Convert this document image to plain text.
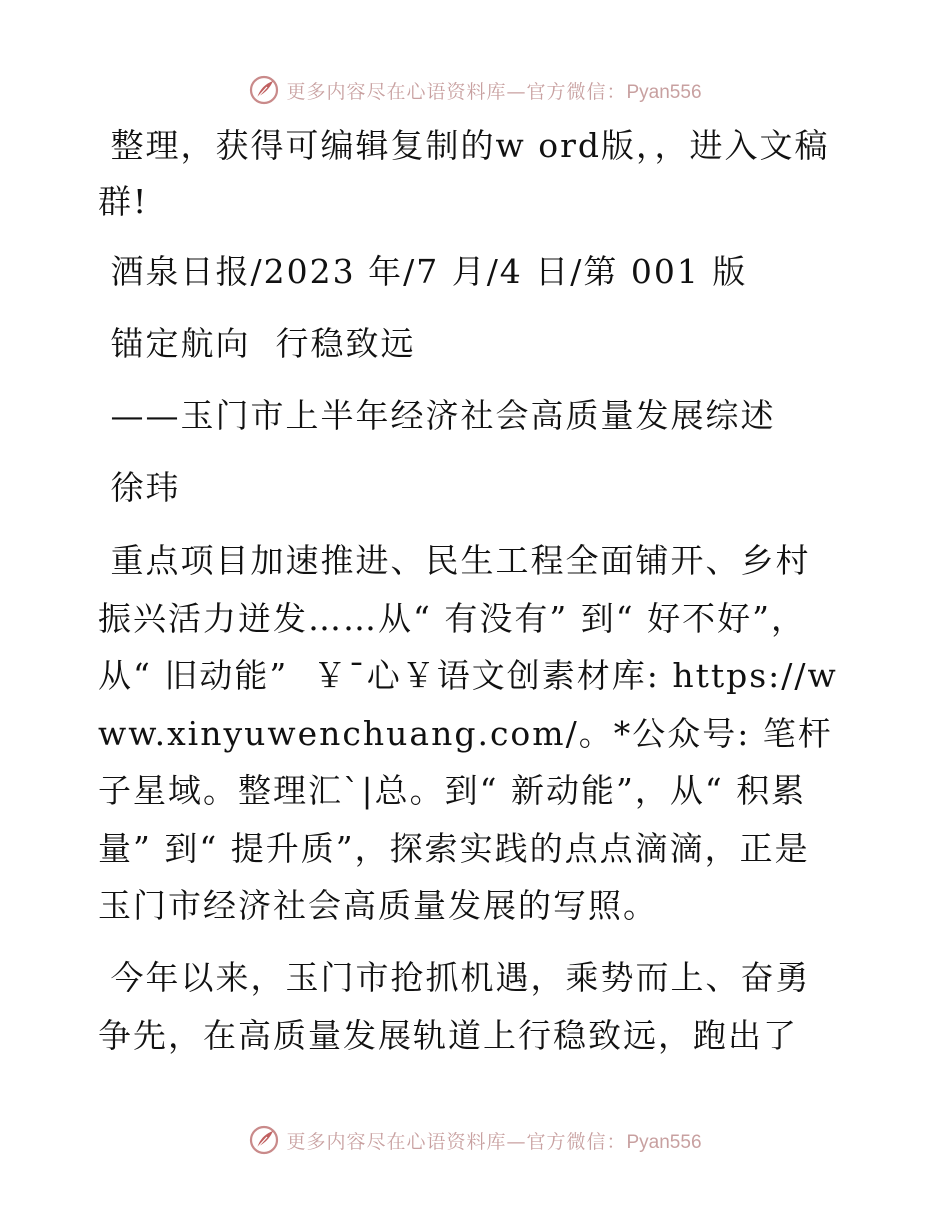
更多内容尽在心语资料库—官方微信：Pyan556

整理，获得可编辑复制的w ord版，，进入文稿群!

酒泉日报/2023 年/7 月/4 日/第 001 版

锚定航向  行稳致远

——玉门市上半年经济社会高质量发展综述

徐玮

重点项目加速推进、民生工程全面铺开、乡村振兴活力迸发……从“ 有没有” 到“ 好不好”，从“ 旧动能”  ￥¯心￥语文创素材库: https://www.xinyuwenchuang.com/。*公众号: 笔杆子星域。整理汇`|总。到“ 新动能”，从“ 积累量” 到“ 提升质”，探索实践的点点滴滴，正是玉门市经济社会高质量发展的写照。

今年以来，玉门市抢抓机遇，乘势而上、奋勇争先，在高质量发展轨道上行稳致远，跑出了

更多内容尽在心语资料库—官方微信：Pyan556
